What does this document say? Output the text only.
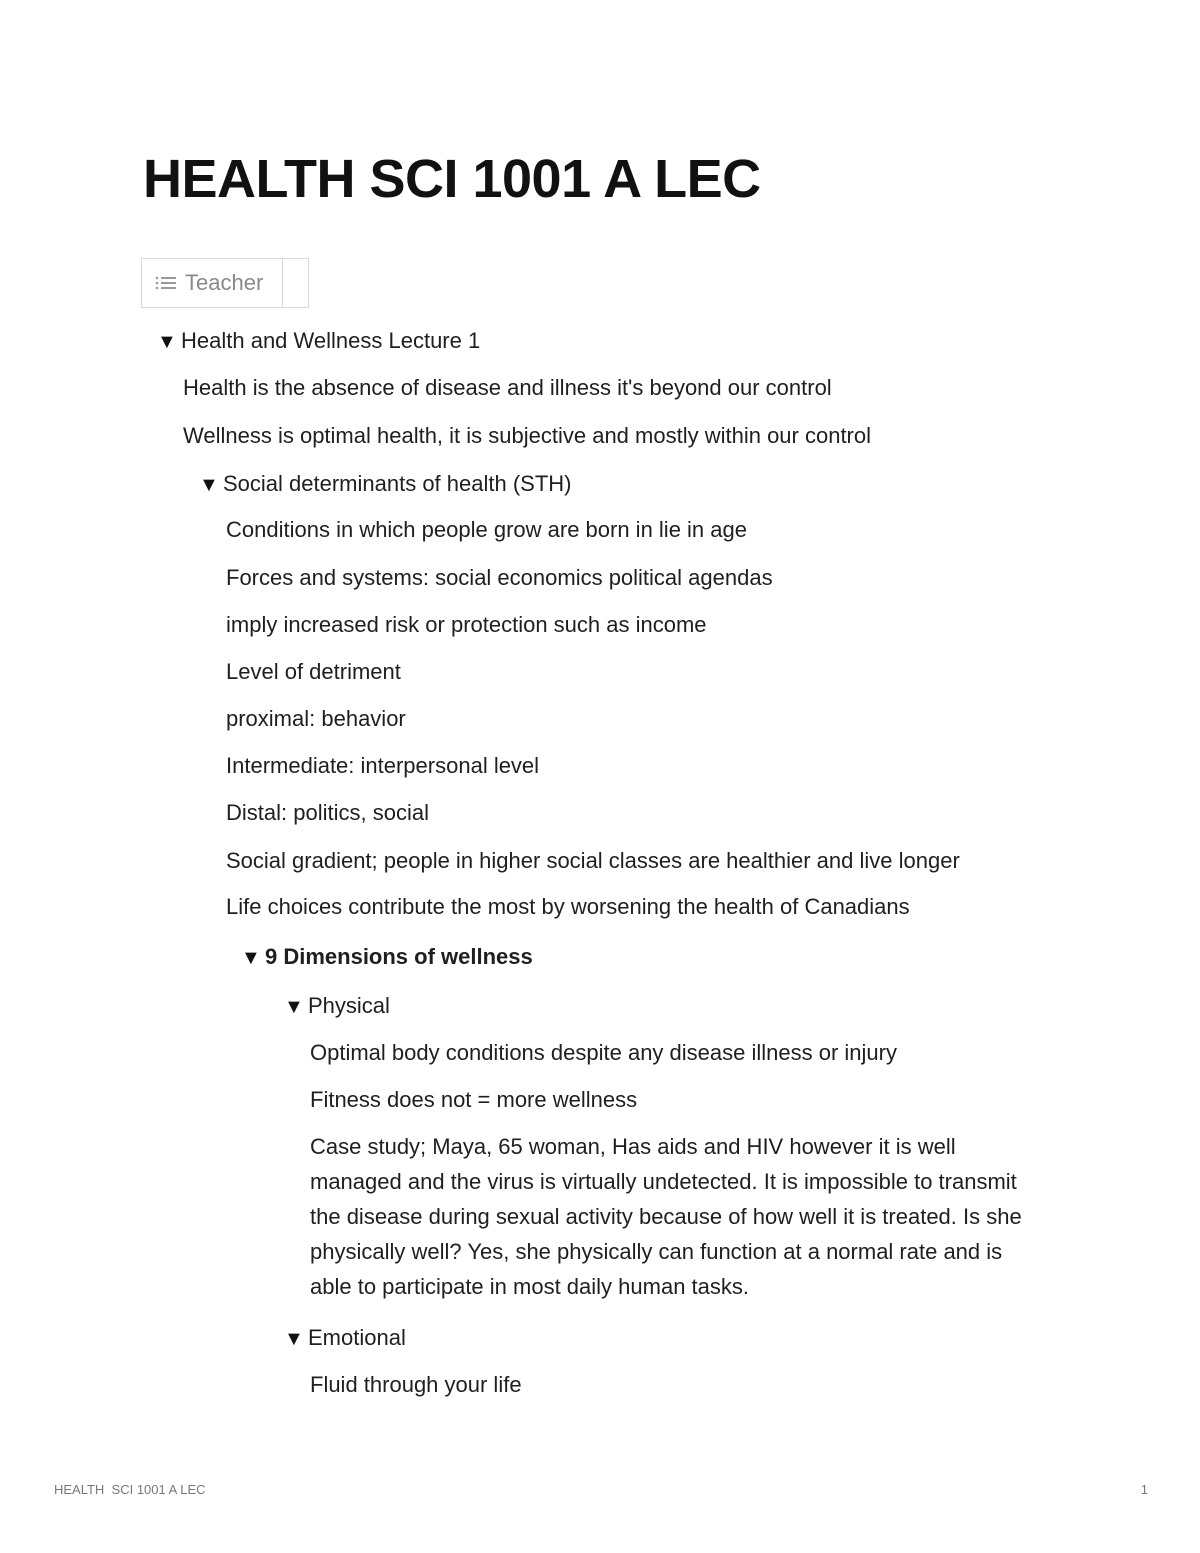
HEALTH SCI 1001 A LEC
Teacher

▼ Health and Wellness Lecture 1

Health is the absence of disease and illness it's beyond our control

Wellness is optimal health, it is subjective and mostly within our control

▼ Social determinants of health (STH)

Conditions in which people grow are born in lie in age

Forces and systems: social economics political agendas

imply increased risk or protection such as income

Level of detriment

proximal: behavior

Intermediate: interpersonal level

Distal: politics, social

Social gradient; people in higher social classes are healthier and live longer

Life choices contribute the most by worsening the health of Canadians

▼ 9 Dimensions of wellness

▼ Physical

Optimal body conditions despite any disease illness or injury

Fitness does not = more wellness

Case study; Maya, 65 woman, Has aids and HIV however it is well managed and the virus is virtually undetected. It is impossible to transmit the disease during sexual activity because of how well it is treated. Is she physically well? Yes, she physically can function at a normal rate and is able to participate in most daily human tasks.

▼ Emotional

Fluid through your life

HEALTH  SCI 1001 A LEC	1
